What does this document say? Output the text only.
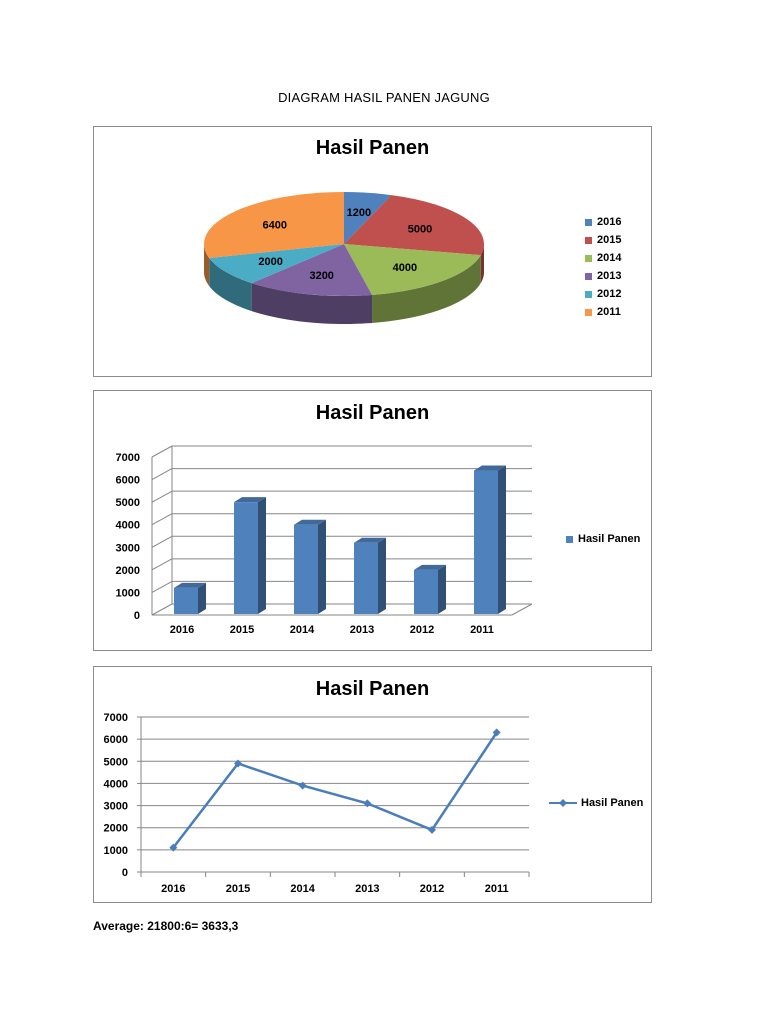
DIAGRAM HASIL PANEN JAGUNG
Hasil Panen
1200
5000
4000
3200
2000
6400	2016
2015
2014
2013
2012
2011
Hasil Panen
0
1000
2000
3000
4000
5000
6000
7000
2016	2015	2014	2013	2012	2011
Hasil Panen
Hasil Panen
0
1000
2000
3000
4000
5000
6000
7000
2016	2015	2014	2013	2012	2011
Hasil Panen
Average: 21800:6= 3633,3
